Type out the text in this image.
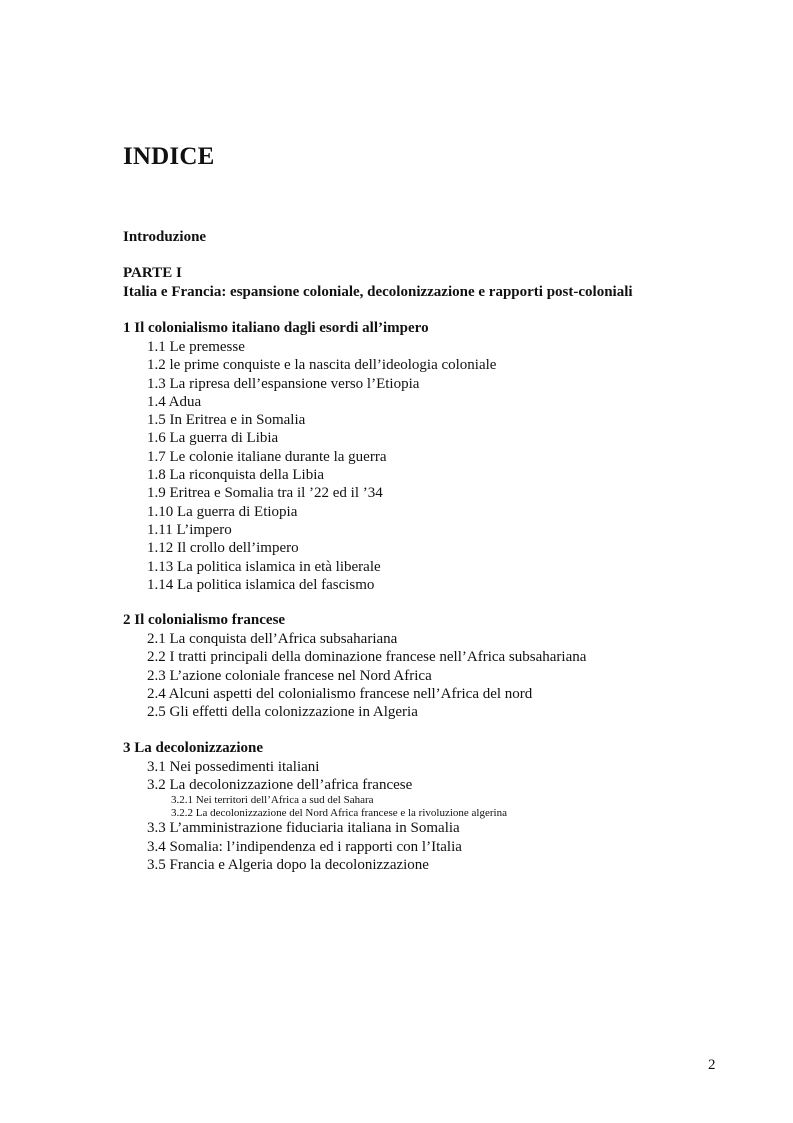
INDICE

Introduzione

PARTE I

Italia e Francia: espansione coloniale, decolonizzazione e rapporti post-coloniali

1 Il colonialismo italiano dagli esordi all’impero

1.1 Le premesse

1.2 le prime conquiste e la nascita dell’ideologia coloniale

1.3 La ripresa dell’espansione verso l’Etiopia

1.4 Adua

1.5 In Eritrea e in Somalia

1.6 La guerra di Libia

1.7 Le colonie italiane durante la guerra

1.8 La riconquista della Libia

1.9 Eritrea e Somalia tra il ’22 ed il ’34

1.10 La guerra di Etiopia

1.11 L’impero

1.12 Il crollo dell’impero

1.13 La politica islamica in età liberale

1.14 La politica islamica del fascismo

2 Il colonialismo francese

2.1 La conquista dell’Africa subsahariana

2.2 I tratti principali della dominazione francese nell’Africa subsahariana

2.3 L’azione coloniale francese nel Nord Africa

2.4 Alcuni aspetti del colonialismo francese nell’Africa del nord

2.5 Gli effetti della colonizzazione in Algeria

3 La decolonizzazione

3.1 Nei possedimenti italiani

3.2 La decolonizzazione dell’africa francese

3.2.1 Nei territori dell’Africa a sud del Sahara

3.2.2 La decolonizzazione del Nord Africa francese e la rivoluzione algerina

3.3 L’amministrazione fiduciaria italiana in Somalia

3.4 Somalia: l’indipendenza ed i rapporti con l’Italia

3.5 Francia e Algeria dopo la decolonizzazione

2
